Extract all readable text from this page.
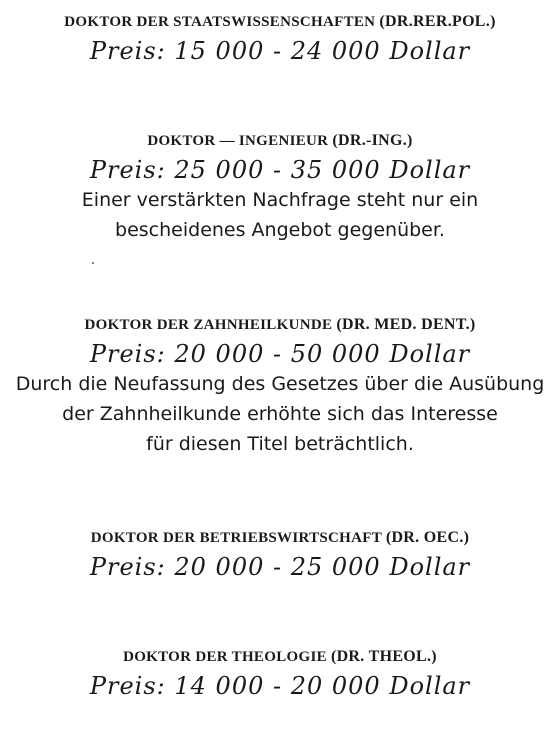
DOKTOR DER STAATSWISSENSCHAFTEN (DR.RER.POL.)
Preis: 15 000 - 24 000 Dollar
DOKTOR — INGENIEUR (DR.-ING.)
Preis: 25 000 - 35 000 Dollar
Einer verstärkten Nachfrage steht nur ein
bescheidenes Angebot gegenüber.
DOKTOR DER ZAHNHEILKUNDE (DR. MED. DENT.)
Preis: 20 000 - 50 000 Dollar
Durch die Neufassung des Gesetzes über die Ausübung
der Zahnheilkunde erhöhte sich das Interesse
für diesen Titel beträchtlich.
DOKTOR DER BETRIEBSWIRTSCHAFT (DR. OEC.)
Preis: 20 000 - 25 000 Dollar
DOKTOR DER THEOLOGIE (DR. THEOL.)
Preis: 14 000 - 20 000 Dollar
